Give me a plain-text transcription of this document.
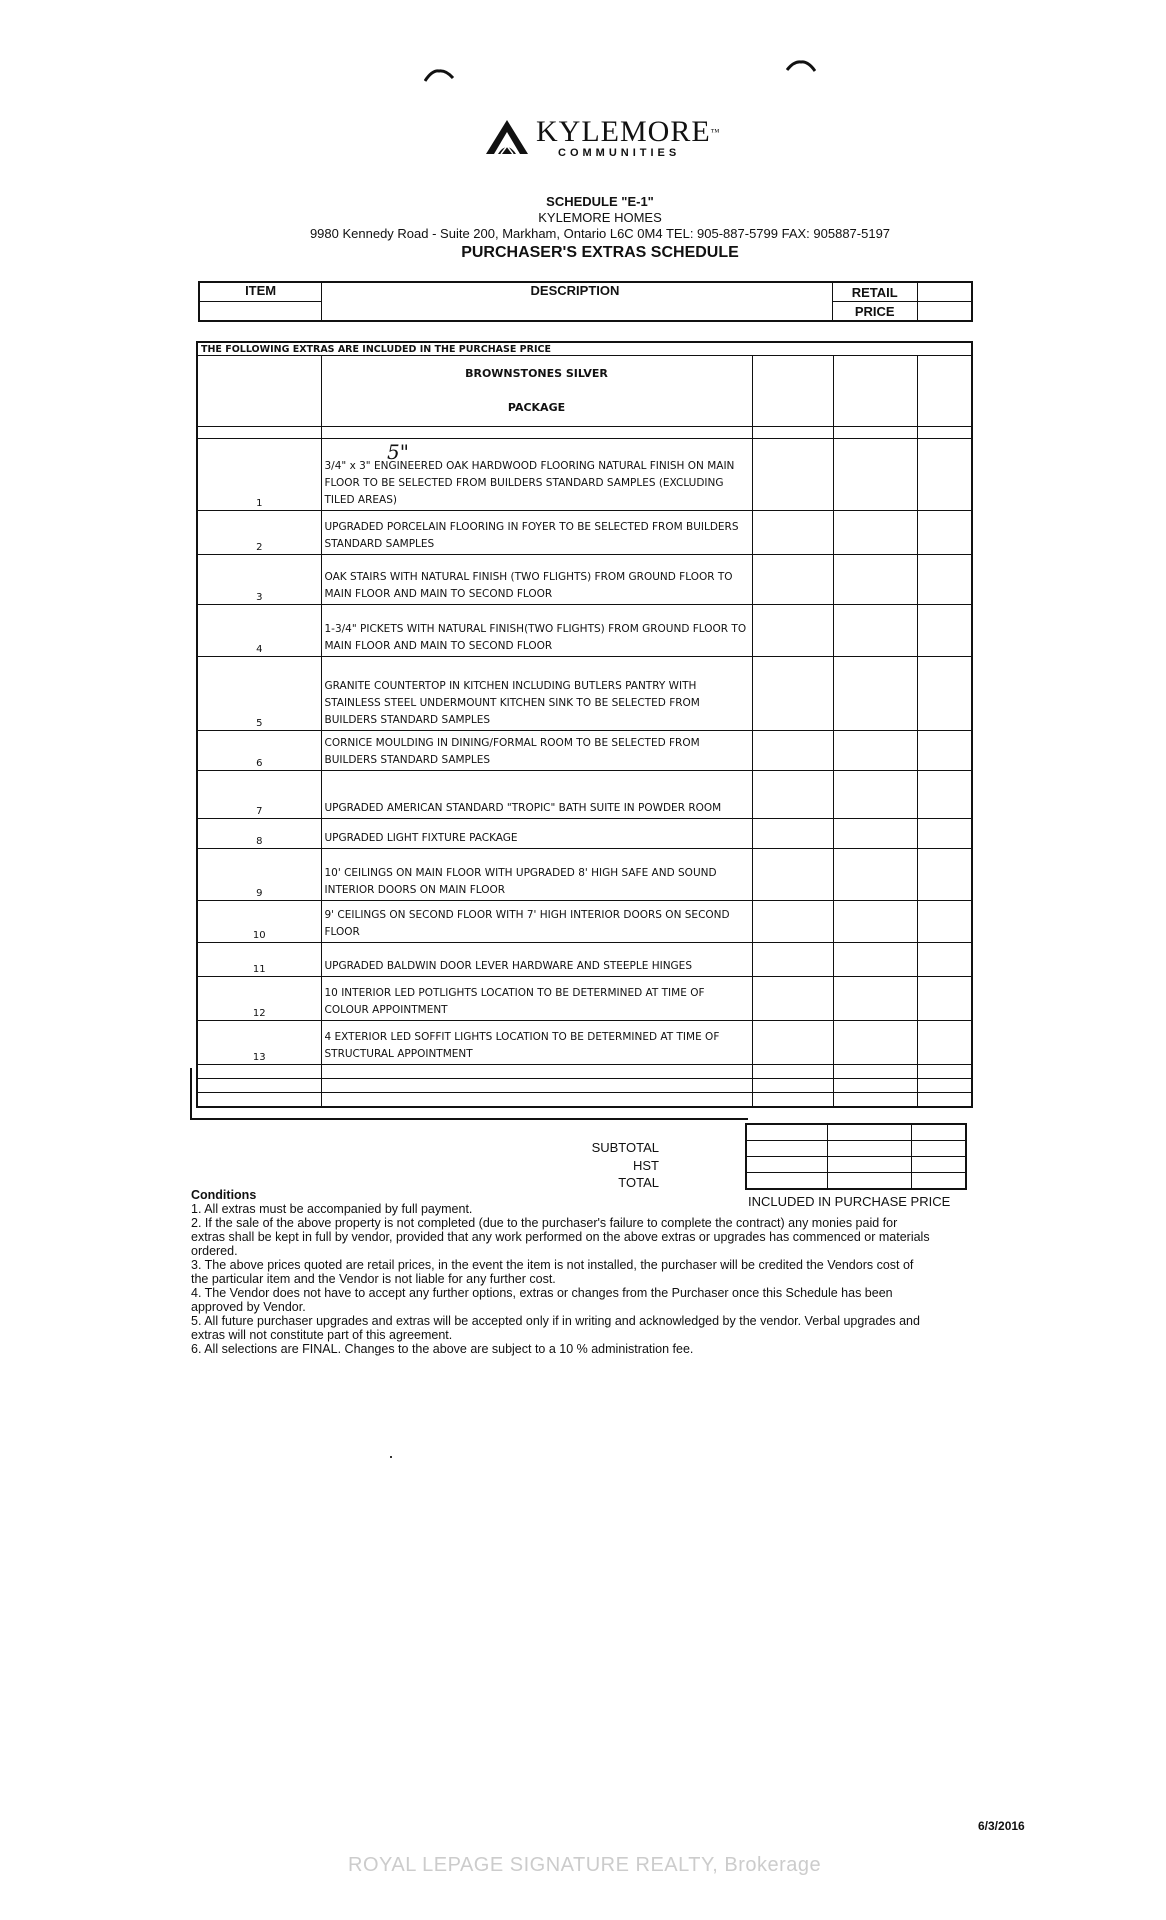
KYLEMORE™
COMMUNITIES
SCHEDULE "E-1"
KYLEMORE HOMES
9980 Kennedy Road - Suite 200, Markham, Ontario L6C 0M4 TEL: 905-887-5799 FAX: 905887-5197
PURCHASER'S EXTRAS SCHEDULE
ITEM	DESCRIPTION	RETAIL	
		PRICE	
THE FOLLOWING EXTRAS ARE INCLUDED IN THE PURCHASE PRICE				

	BROWNSTONES SILVER
PACKAGE			

1	3/4" x 3" ENGINEERED OAK HARDWOOD FLOORING NATURAL FINISH ON MAIN FLOOR TO BE SELECTED FROM BUILDERS STANDARD SAMPLES (EXCLUDING TILED AREAS)			
2	UPGRADED PORCELAIN FLOORING IN FOYER TO BE SELECTED FROM BUILDERS STANDARD SAMPLES			
3	OAK STAIRS WITH NATURAL FINISH (TWO FLIGHTS) FROM GROUND FLOOR TO MAIN FLOOR AND MAIN TO SECOND FLOOR			
4	1-3/4" PICKETS WITH NATURAL FINISH(TWO FLIGHTS) FROM GROUND FLOOR TO MAIN FLOOR AND MAIN TO SECOND FLOOR			
5	GRANITE COUNTERTOP IN KITCHEN INCLUDING BUTLERS PANTRY WITH STAINLESS STEEL UNDERMOUNT KITCHEN SINK TO BE SELECTED FROM BUILDERS STANDARD SAMPLES			
6	CORNICE MOULDING IN DINING/FORMAL ROOM TO BE SELECTED FROM BUILDERS STANDARD SAMPLES			
7	UPGRADED AMERICAN STANDARD "TROPIC" BATH SUITE IN POWDER ROOM			
8	UPGRADED LIGHT FIXTURE PACKAGE			
9	10' CEILINGS ON MAIN FLOOR WITH UPGRADED 8' HIGH SAFE AND SOUND INTERIOR DOORS ON MAIN FLOOR			
10	9' CEILINGS ON SECOND FLOOR WITH 7' HIGH INTERIOR DOORS ON SECOND FLOOR			
11	UPGRADED BALDWIN DOOR LEVER HARDWARE AND STEEPLE HINGES			
12	10 INTERIOR LED POTLIGHTS LOCATION TO BE DETERMINED AT TIME OF COLOUR APPOINTMENT			
13	4 EXTERIOR LED SOFFIT LIGHTS LOCATION TO BE DETERMINED AT TIME OF STRUCTURAL APPOINTMENT			

5"

SUBTOTAL
HST
TOTAL
INCLUDED IN PURCHASE PRICE

Conditions

1. All extras must be accompanied by full payment.

2. If the sale of the above property is not completed (due to the purchaser's failure to complete the contract) any monies paid for extras shall be kept in full by vendor, provided that any work performed on the above extras or upgrades has commenced or materials ordered.

3. The above prices quoted are retail prices, in the event the item is not installed, the purchaser will be credited the Vendors cost of the particular item and the Vendor is not liable for any further cost.

4. The Vendor does not have to accept any further options, extras or changes from the Purchaser once this Schedule has been approved by Vendor.

5. All future purchaser upgrades and extras will be accepted only if in writing and acknowledged by the vendor. Verbal upgrades and extras will not constitute part of this agreement.

6. All selections are FINAL. Changes to the above are subject to a 10 % administration fee.

6/3/2016
ROYAL LEPAGE SIGNATURE REALTY, Brokerage
